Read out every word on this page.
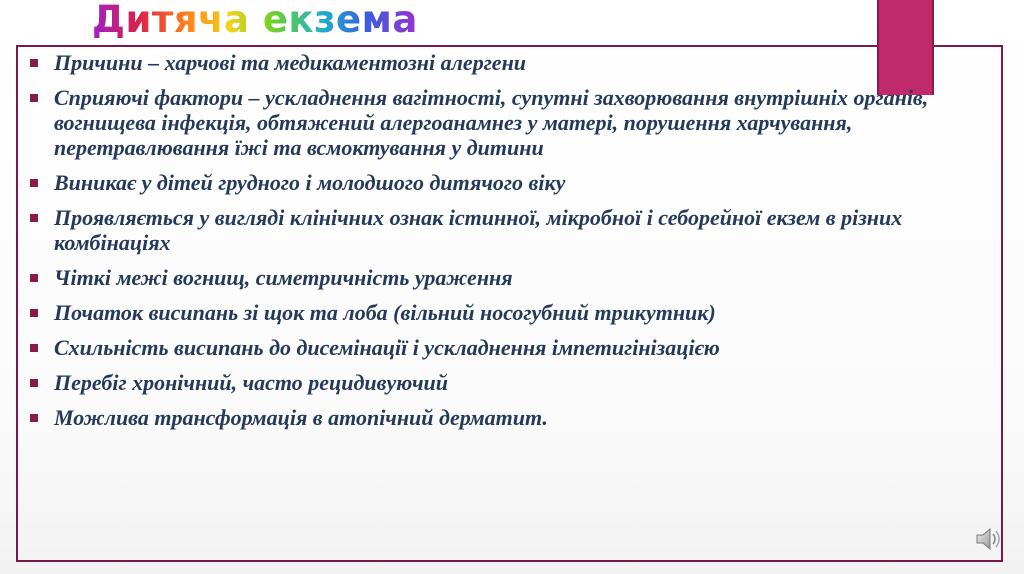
Дитяча екзема
Причини – харчові та медикаментозні алергени
Сприяючі фактори – ускладнення вагітності, супутні захворювання внутрішніх органів, вогнищева інфекція, обтяжений алергоанамнез у матері, порушення харчування, перетравлювання їжі та всмоктування у дитини
Виникає у дітей грудного і молодшого дитячого віку
Проявляється у вигляді клінічних ознак істинної, мікробної і себорейної екзем в різних комбінаціях
Чіткі межі вогнищ, симетричність ураження
Початок висипань зі щок та лоба (вільний носогубний трикутник)
Схильність висипань до дисемінації і ускладнення імпетигінізацією
Перебіг хронічний, часто рецидивуючий
Можлива трансформація в атопічний дерматит.
